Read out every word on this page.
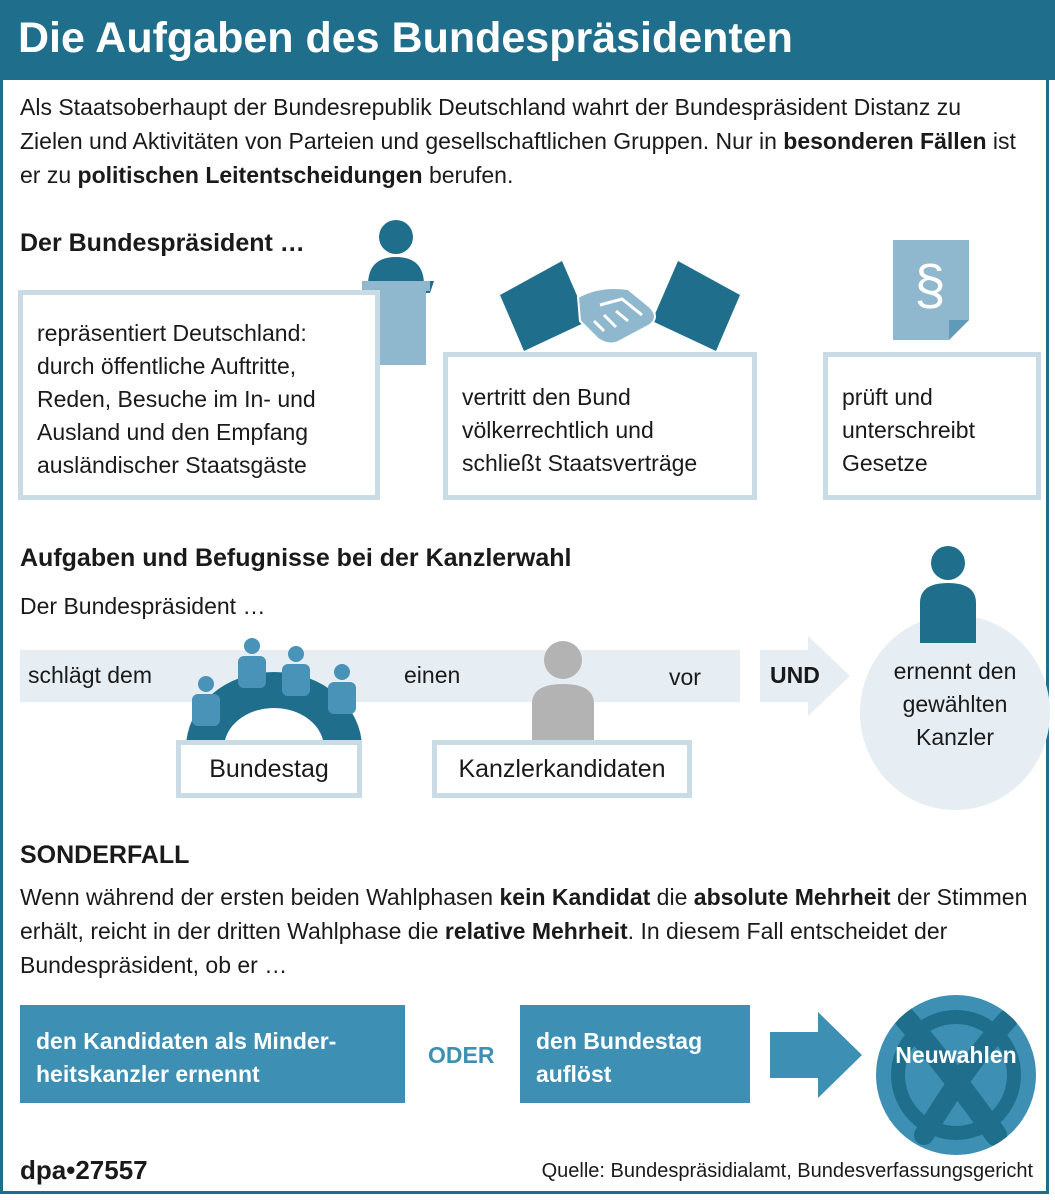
Die Aufgaben des Bundespräsidenten

Als Staatsoberhaupt der Bundesrepublik Deutschland wahrt der Bundespräsident Distanz zu Zielen und Aktivitäten von Parteien und gesellschaftlichen Gruppen. Nur in besonderen Fällen ist er zu politischen Leitentscheidungen berufen.

Der Bundespräsident …

repräsentiert Deutschland:
durch öffentliche Auftritte,
Reden, Besuche im In- und
Ausland und den Empfang
ausländischer Staatsgäste
vertritt den Bund
völkerrechtlich und
schließt Staatsverträge
§
prüft und
unterschreibt
Gesetze

Aufgaben und Befugnisse bei der Kanzlerwahl

Der Bundespräsident …

schlägt dem	einen	vor	UND	ernennt den
gewählten
Kanzler
Bundestag	Kanzlerkandidaten

SONDERFALL

Wenn während der ersten beiden Wahlphasen kein Kandidat die absolute Mehrheit der Stimmen erhält, reicht in der dritten Wahlphase die relative Mehrheit. In diesem Fall entscheidet der Bundespräsident, ob er …

den Kandidaten als Minder-
heitskanzler ernennt
ODER
den Bundestag
auflöst
Neuwahlen
dpa•27557	Quelle: Bundespräsidialamt, Bundesverfassungsgericht
